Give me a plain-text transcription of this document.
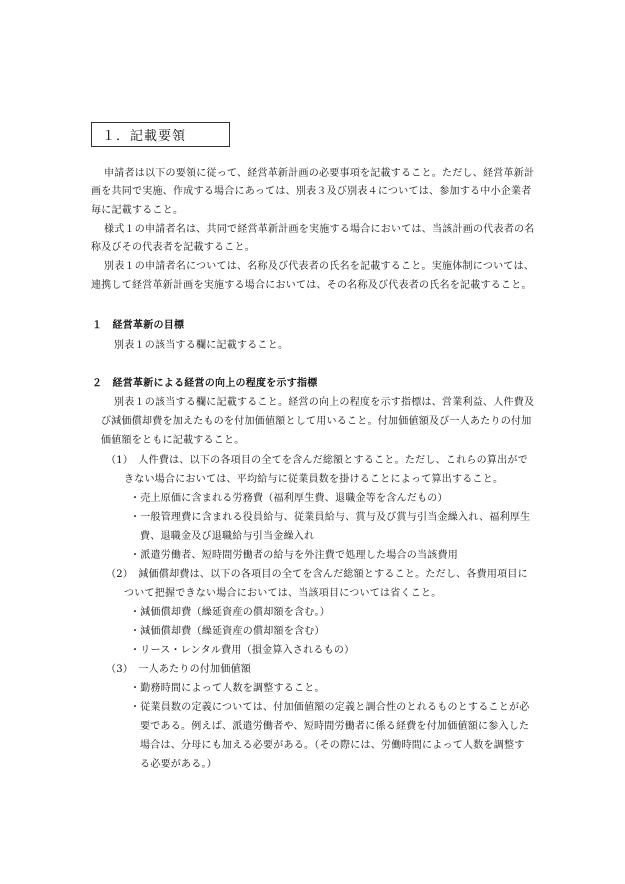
１．記載要領
申請者は以下の要領に従って、経営革新計画の必要事項を記載すること。ただし、経営革新計
画を共同で実施、作成する場合にあっては、別表３及び別表４については、参加する中小企業者
毎に記載すること。
様式１の申請者名は、共同で経営革新計画を実施する場合においては、当該計画の代表者の名
称及びその代表者を記載すること。
別表１の申請者名については、名称及び代表者の氏名を記載すること。実施体制については、
連携して経営革新計画を実施する場合においては、その名称及び代表者の氏名を記載すること。
１　経営革新の目標
別表１の該当する欄に記載すること。
２　経営革新による経営の向上の程度を示す指標
別表１の該当する欄に記載すること。経営の向上の程度を示す指標は、営業利益、人件費及
び減価償却費を加えたものを付加価値額として用いること。付加価値額及び一人あたりの付加
価値額をともに記載すること。
（1）　人件費は、以下の各項目の全てを含んだ総額とすること。ただし、これらの算出がで
きない場合においては、平均給与に従業員数を掛けることによって算出すること。
・売上原価に含まれる労務費（福利厚生費、退職金等を含んだもの）
・一般管理費に含まれる役員給与、従業員給与、賞与及び賞与引当金繰入れ、福利厚生
費、退職金及び退職給与引当金繰入れ
・派遣労働者、短時間労働者の給与を外注費で処理した場合の当該費用
（2）　減価償却費は、以下の各項目の全てを含んだ総額とすること。ただし、各費用項目に
ついて把握できない場合においては、当該項目については省くこと。
・減価償却費（繰延資産の償却額を含む。）
・減価償却費（繰延資産の償却額を含む）
・リース・レンタル費用（損金算入されるもの）
（3）　一人あたりの付加価値額
・勤務時間によって人数を調整すること。
・従業員数の定義については、付加価値額の定義と調合性のとれるものとすることが必
要である。例えば、派遣労働者や、短時間労働者に係る経費を付加価値額に参入した
場合は、分母にも加える必要がある。（その際には、労働時間によって人数を調整す
る必要がある。）
